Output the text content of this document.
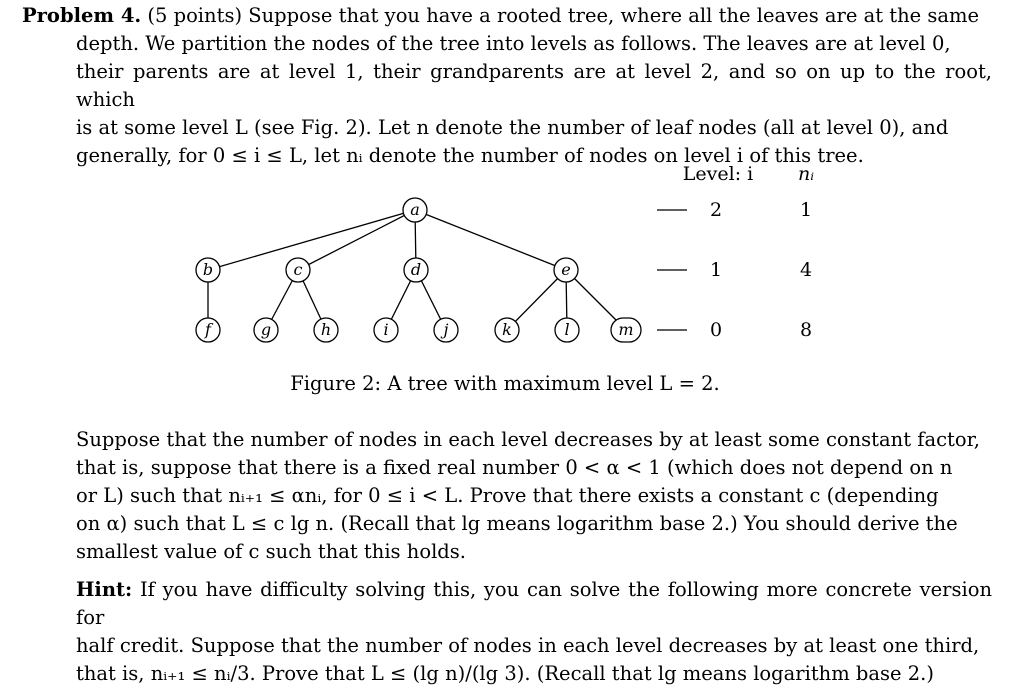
Problem 4. (5 points) Suppose that you have a rooted tree, where all the leaves are at the same
depth. We partition the nodes of the tree into levels as follows. The leaves are at level 0,
their parents are at level 1, their grandparents are at level 2, and so on up to the root, which
is at some level L (see Fig. 2). Let n denote the number of leaf nodes (all at level 0), and
generally, for 0 ≤ i ≤ L, let nᵢ denote the number of nodes on level i of this tree.
a
b	c	d	e
f	g	h	i	j	k	l	m
Level: i nᵢ
2	1
1	4
0	8
Figure 2: A tree with maximum level L = 2.
Suppose that the number of nodes in each level decreases by at least some constant factor,
that is, suppose that there is a fixed real number 0 < α < 1 (which does not depend on n
or L) such that nᵢ₊₁ ≤ αnᵢ, for 0 ≤ i < L. Prove that there exists a constant c (depending
on α) such that L ≤ c lg n. (Recall that lg means logarithm base 2.) You should derive the
smallest value of c such that this holds.
Hint: If you have difficulty solving this, you can solve the following more concrete version for
half credit. Suppose that the number of nodes in each level decreases by at least one third,
that is, nᵢ₊₁ ≤ nᵢ/3. Prove that L ≤ (lg n)/(lg 3). (Recall that lg means logarithm base 2.)
